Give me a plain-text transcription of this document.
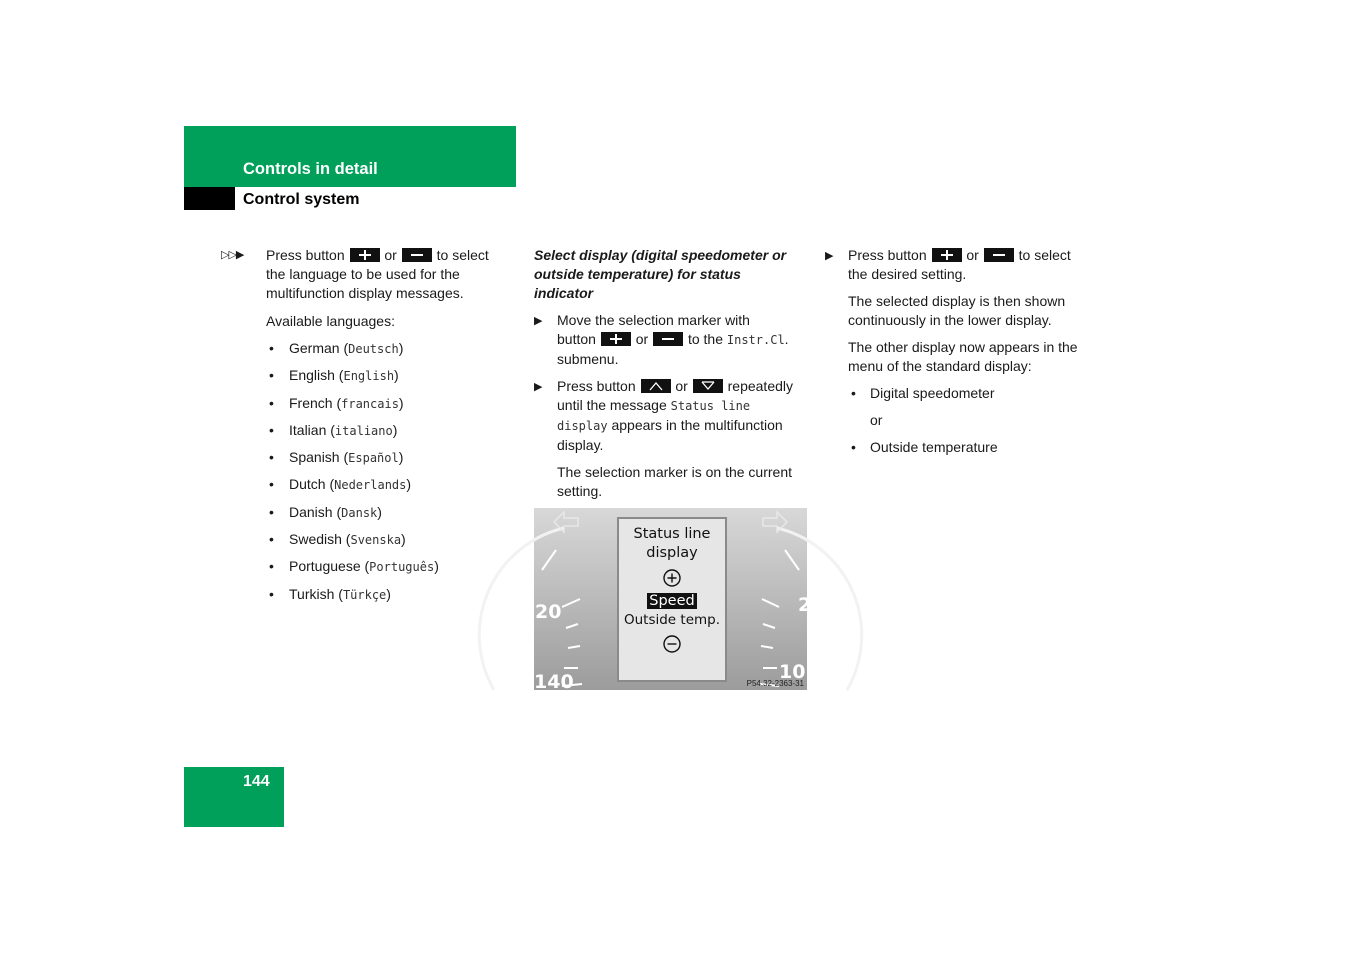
Controls in detail
Control system
▷▷▶ Press button	or	to select
the language to be used for the
multifunction display messages.

Available languages:

• German (Deutsch)
• English (English)
• French (francais)
• Italian (italiano)
• Spanish (Español)
• Dutch (Nederlands)
• Danish (Dansk)
• Swedish (Svenska)
• Portuguese (Português)
• Turkish (Türkçe)

Select display (digital speedometer or
outside temperature) for status
indicator

▶ Move the selection marker with
button	or	to the Instr.Cl.
submenu.
▶ Press button	or	repeatedly
until the message Status line
display appears in the multifunction
display.

The selection marker is on the current
setting.

20
140
2
10
Status line
display
Speed
Outside temp.
P54.32-2363-31
▶ Press button	or	to select
the desired setting.

The selected display is then shown
continuously in the lower display.

The other display now appears in the
menu of the standard display:

• Digital speedometer
or
• Outside temperature
144
